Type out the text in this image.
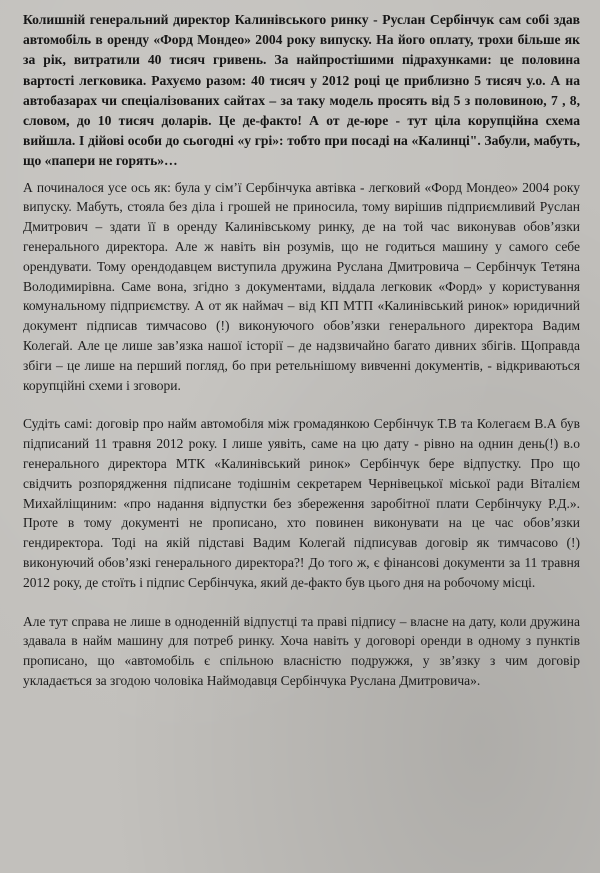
Колишній генеральний директор Калинівського ринку - Руслан Сербінчук сам собі здав автомобіль в оренду «Форд Мондео» 2004 року випуску. На його оплату, трохи більше як за рік, витратили 40 тисяч гривень. За найпростішими підрахунками: це половина вартості легковика. Рахуємо разом: 40 тисяч у 2012 році це приблизно 5 тисяч у.о. А на автобазарах чи спеціалізованих сайтах – за таку мoдель просять від 5 з половиною, 7 , 8, словом, до 10 тисяч доларів. Це де-факто! А от де-юре - тут ціла корупційна схема вийшла. І дійові особи до сьогодні «у грі»: тобто при посаді на «Калинці". Забули, мабуть, що «папери не горять»…

А починалося усе ось як: була у сім’ї Сербінчука автівка - легковий «Форд Мондео» 2004 року випуску. Мабуть, стояла без діла і грошей не приносила, тому вирішив підприємливий Руслан Дмитрович – здати її в оренду Калинівському ринку, де на той час виконував обов’язки генерального директора. Але ж навіть він розумів, що не годиться машину у самого себе орендувати. Тому орендодавцем виступила дружина Руслана Дмитровича – Сербінчук Тетяна Володимирівна. Саме вона, згідно з документами, віддала легковик «Форд» у користування комунальному підприємству. А от як наймач – від КП МТП «Калинівський ринок» юридичний документ підписав тимчасово (!) виконуючого обов’язки генерального директора Вадим Колегай. Але це лише зав’язка нашої історії – де надзвичайно багато дивних збігів. Щоправда збіги – це лише на перший погляд, бо при ретельнішому вивченні документів, - відкриваються корупційні схеми і зговори.

Судіть самі: договір про найм автомобіля між громадянкою Сербінчук Т.В та Колегаєм В.А був підписаний 11 травня 2012 року. І лише уявіть, саме на цю дату - рівно на однин день(!) в.о генерального директора МТК «Калинівський ринок» Сербінчук бере відпустку. Про що свідчить розпорядження підписане тодішнім секретарем Чернівецької міської ради Віталієм Михайліщиним: «про надання відпустки без збереження заробітної плати Сербінчуку Р.Д.». Проте в тому документі не прописано, хто повинен виконувати на це час обов’язки гендиректора. Тоді на якій підставі Вадим Колегай підписував договір як тимчасово (!) виконуючий обов’язкі генерального директора?! До того ж, є фінансові документи за 11 травня 2012 року, де стоїть і підпис Сербінчука, який де-факто був цього дня на робочому місці.

Але тут справа не лише в одноденній відпустці та праві підпису – власне на дату, коли дружина здавала в найм машину для потреб ринку. Хоча навіть у договорі оренди в одному з пунктів прописано, що «автомобіль є спільною власністю подружжя, у зв’язку з чим договір укладається за згодою чоловіка Наймодавця Сербінчука Руслана Дмитровича».
